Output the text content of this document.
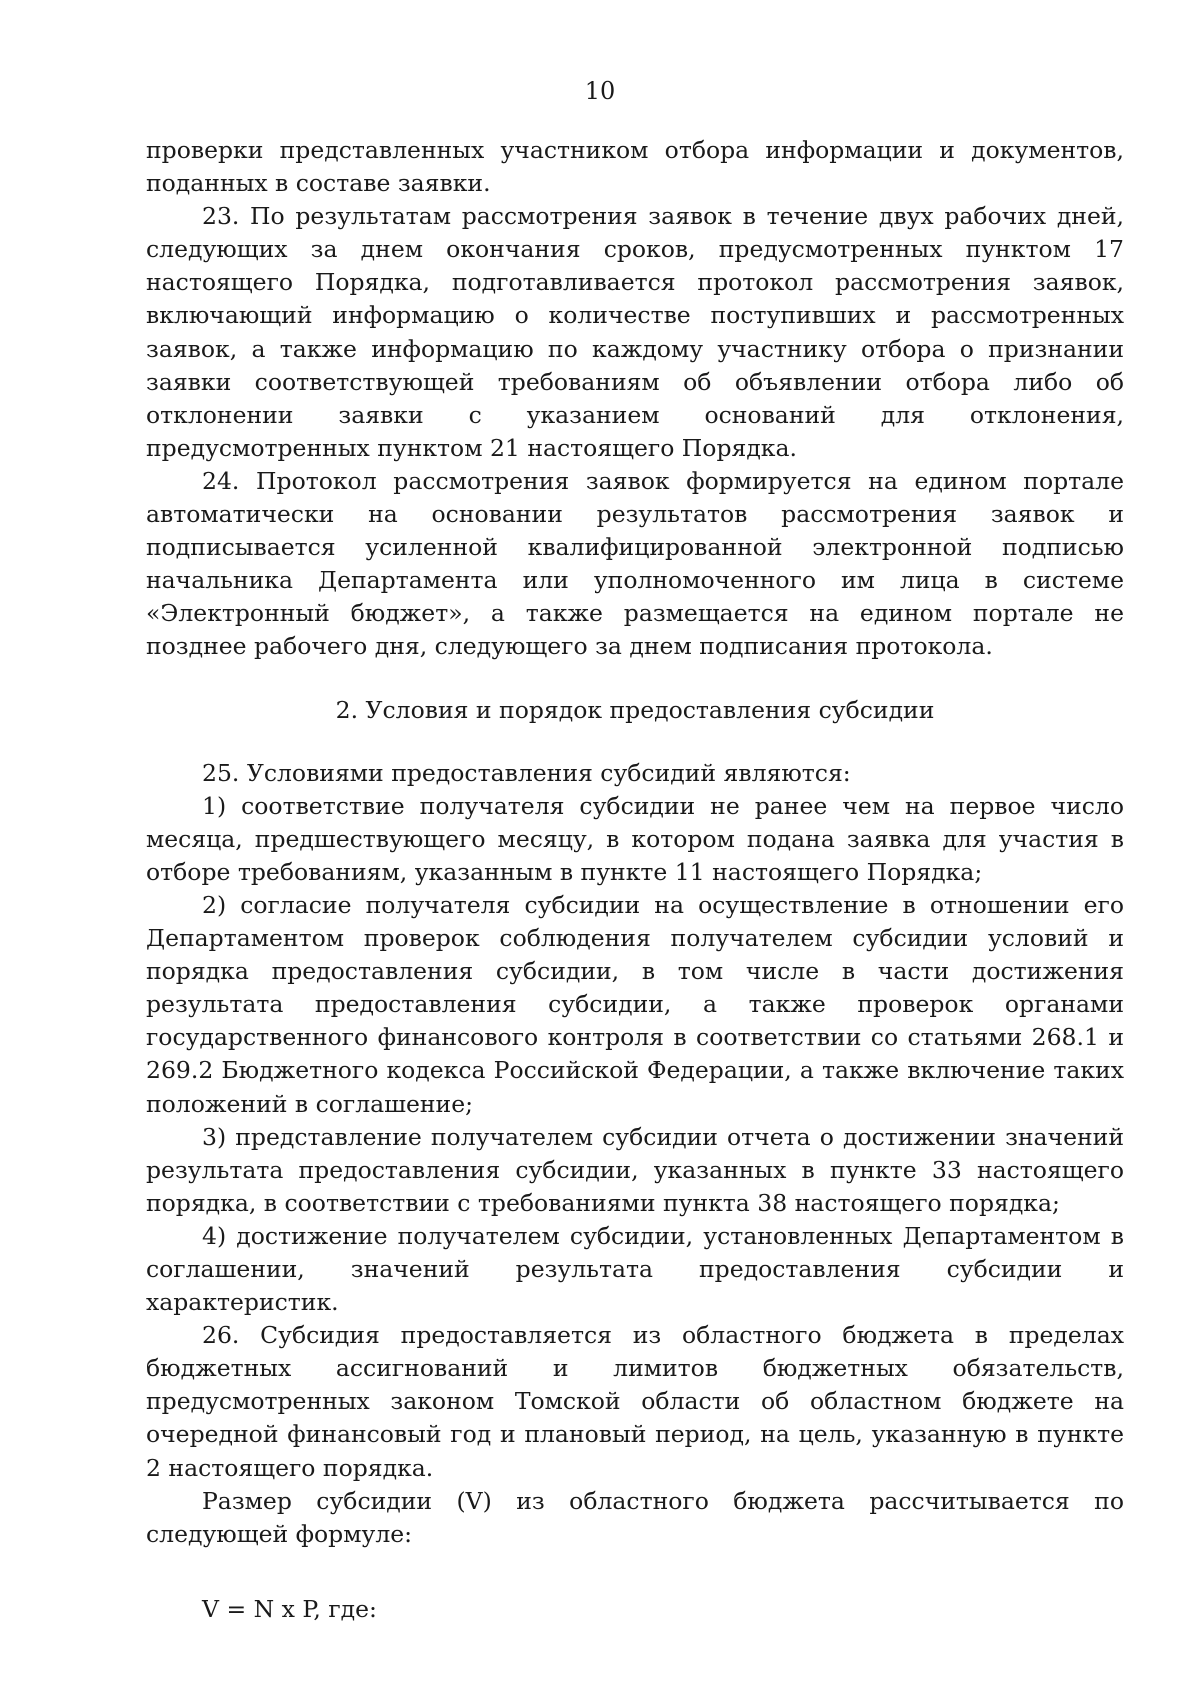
10

проверки представленных участником отбора информации и документов, поданных в составе заявки.

23. По результатам рассмотрения заявок в течение двух рабочих дней, следующих за днем окончания сроков, предусмотренных пунктом 17 настоящего Порядка, подготавливается протокол рассмотрения заявок, включающий информацию о количестве поступивших и рассмотренных заявок, а также информацию по каждому участнику отбора о признании заявки соответствующей требованиям об объявлении отбора либо об отклонении заявки с указанием оснований для отклонения, предусмотренных пунктом 21 настоящего Порядка.

24. Протокол рассмотрения заявок формируется на едином портале автоматически на основании результатов рассмотрения заявок и подписывается усиленной квалифицированной электронной подписью начальника Департамента или уполномоченного им лица в системе «Электронный бюджет», а также размещается на едином портале не позднее рабочего дня, следующего за днем подписания протокола.

2. Условия и порядок предоставления субсидии

25. Условиями предоставления субсидий являются:

1) соответствие получателя субсидии не ранее чем на первое число месяца, предшествующего месяцу, в котором подана заявка для участия в отборе требованиям, указанным в пункте 11 настоящего Порядка;

2) согласие получателя субсидии на осуществление в отношении его Департаментом проверок соблюдения получателем субсидии условий и порядка предоставления субсидии, в том числе в части достижения результата предоставления субсидии, а также проверок органами государственного финансового контроля в соответствии со статьями 268.1 и 269.2 Бюджетного кодекса Российской Федерации, а также включение таких положений в соглашение;

3) представление получателем субсидии отчета о достижении значений результата предоставления субсидии, указанных в пункте 33 настоящего порядка, в соответствии с требованиями пункта 38 настоящего порядка;

4) достижение получателем субсидии, установленных Департаментом в соглашении, значений результата предоставления субсидии и характеристик.

26. Субсидия предоставляется из областного бюджета в пределах бюджетных ассигнований и лимитов бюджетных обязательств, предусмотренных законом Томской области об областном бюджете на очередной финансовый год и плановый период, на цель, указанную в пункте 2 настоящего порядка.

Размер субсидии (V) из областного бюджета рассчитывается по следующей формуле:

V = N x P, где:
